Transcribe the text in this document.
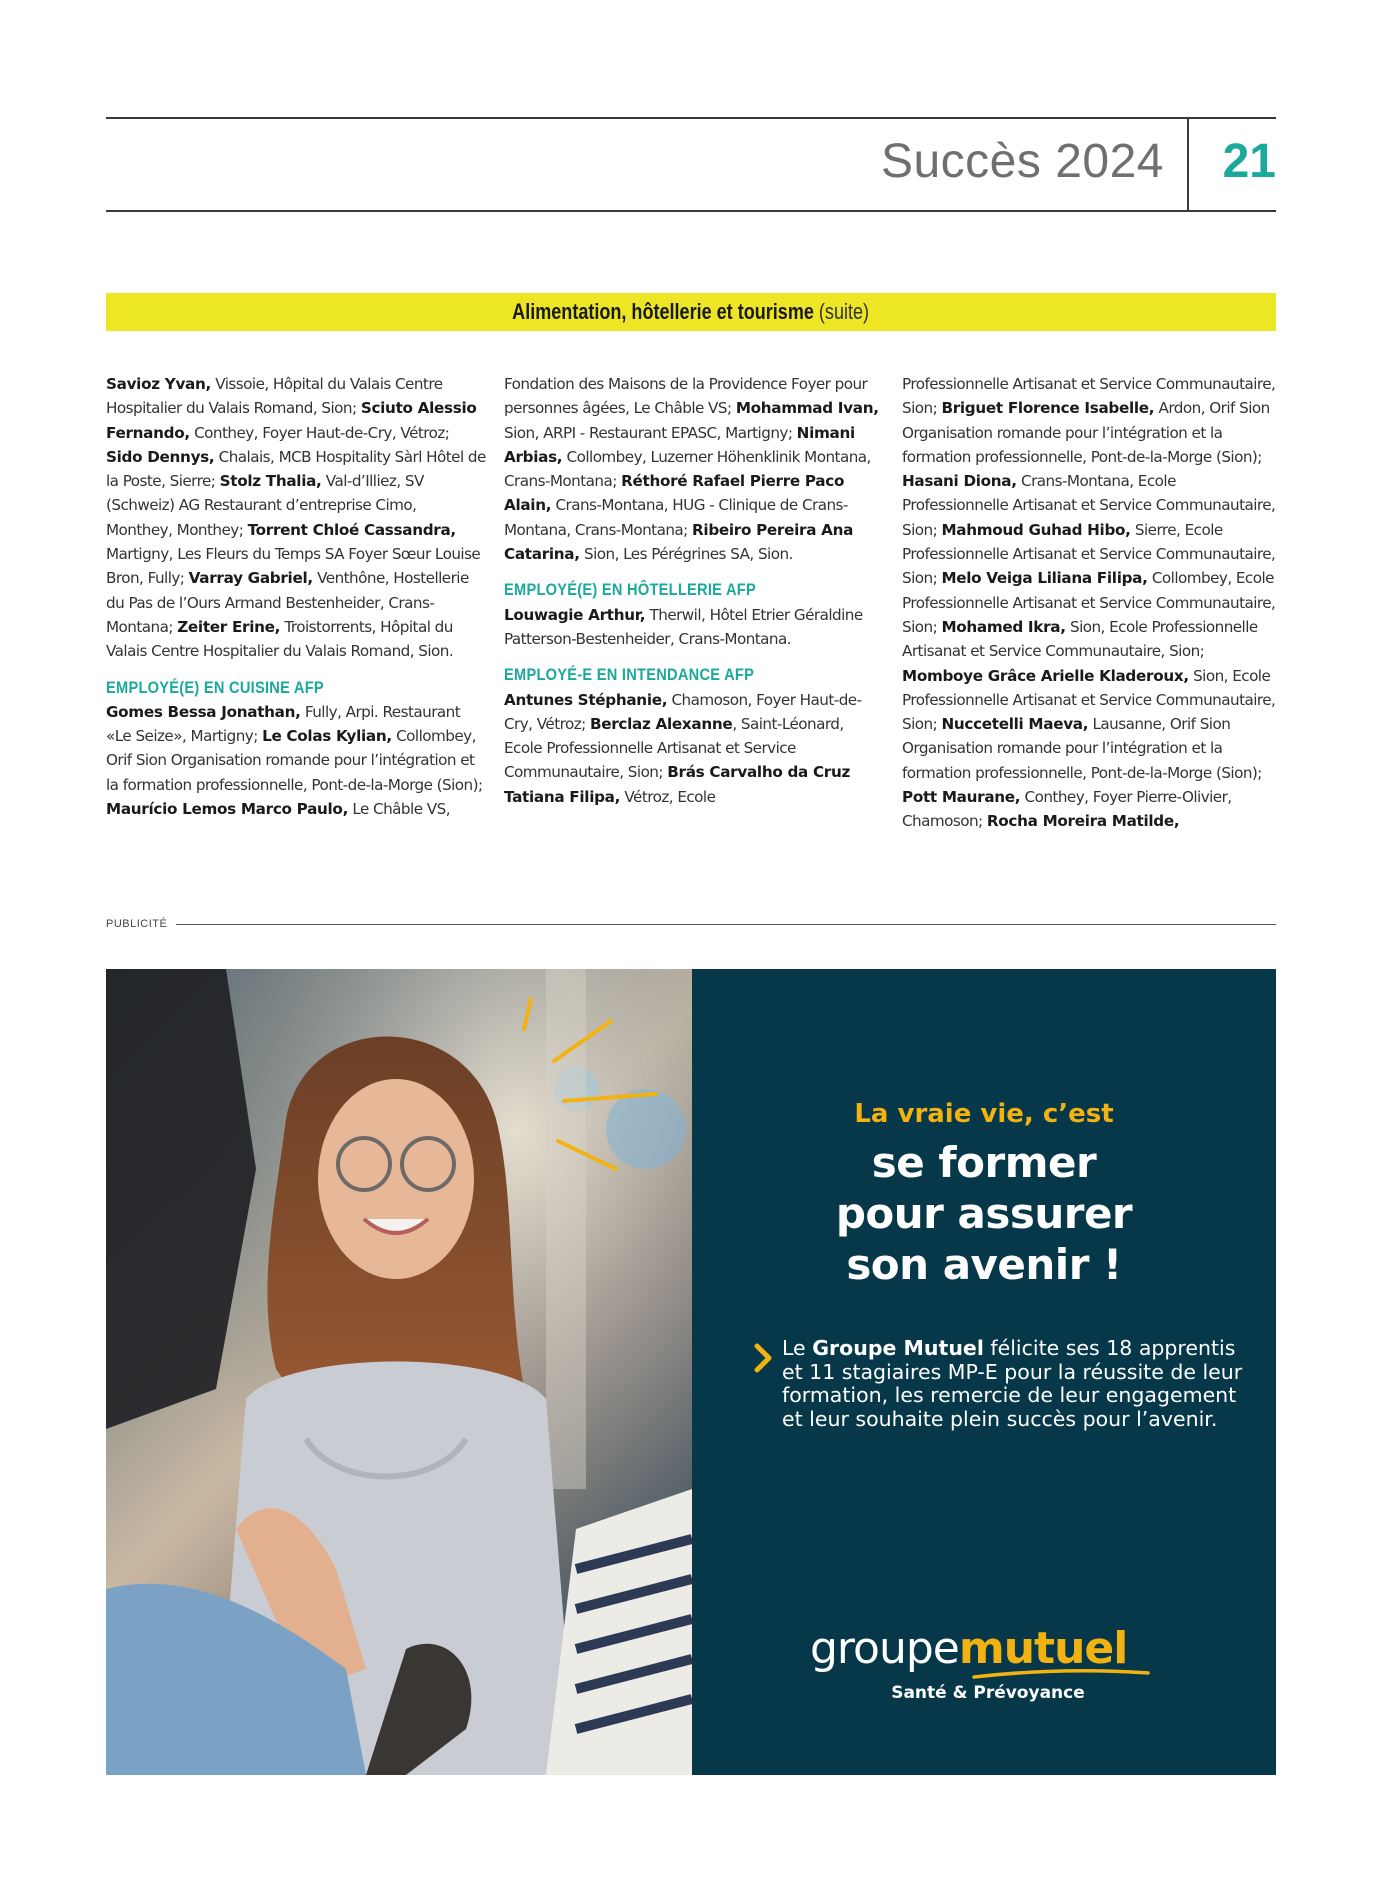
Succès 2024 21
Alimentation, hôtellerie et tourisme (suite)
Savioz Yvan, Vissoie, Hôpital du Valais Centre Hospitalier du Valais Romand, Sion; Sciuto Alessio Fernando, Conthey, Foyer Haut-de-Cry, Vétroz; Sido Dennys, Chalais, MCB Hospitality Sàrl Hôtel de la Poste, Sierre; Stolz Thalia, Val-d’Illiez, SV (Schweiz) AG Restaurant d’entreprise Cimo, Monthey, Monthey; Torrent Chloé Cassandra, Martigny, Les Fleurs du Temps SA Foyer Sœur Louise Bron, Fully; Varray Gabriel, Venthône, Hostellerie du Pas de l’Ours Armand Bestenheider, Crans-Montana; Zeiter Erine, Troistorrents, Hôpital du Valais Centre Hospitalier du Valais Romand, Sion.
EMPLOYÉ(E) EN CUISINE AFP
Gomes Bessa Jonathan, Fully, Arpi. Restaurant «Le Seize», Martigny; Le Colas Kylian, Collombey, Orif Sion Organisation romande pour l’intégration et la formation professionnelle, Pont-de-la-Morge (Sion); Maurício Lemos Marco Paulo, Le Châble VS,
Fondation des Maisons de la Providence Foyer pour personnes âgées, Le Châble VS; Mohammad Ivan, Sion, ARPI - Restaurant EPASC, Martigny; Nimani Arbias, Collombey, Luzerner Höhenklinik Montana, Crans-Montana; Réthoré Rafael Pierre Paco Alain, Crans-Montana, HUG - Clinique de Crans-Montana, Crans-Montana; Ribeiro Pereira Ana Catarina, Sion, Les Pérégrines SA, Sion.
EMPLOYÉ(E) EN HÔTELLERIE AFP
Louwagie Arthur, Therwil, Hôtel Etrier Géraldine Patterson-Bestenheider, Crans-Montana.
EMPLOYÉ-E EN INTENDANCE AFP
Antunes Stéphanie, Chamoson, Foyer Haut-de-Cry, Vétroz; Berclaz Alexanne, Saint-Léonard, Ecole Professionnelle Artisanat et Service Communautaire, Sion; Brás Carvalho da Cruz Tatiana Filipa, Vétroz, Ecole
Professionnelle Artisanat et Service Communautaire, Sion; Briguet Florence Isabelle, Ardon, Orif Sion Organisation romande pour l’intégration et la formation professionnelle, Pont-de-la-Morge (Sion); Hasani Diona, Crans-Montana, Ecole Professionnelle Artisanat et Service Communautaire, Sion; Mahmoud Guhad Hibo, Sierre, Ecole Professionnelle Artisanat et Service Communautaire, Sion; Melo Veiga Liliana Filipa, Collombey, Ecole Professionnelle Artisanat et Service Communautaire, Sion; Mohamed Ikra, Sion, Ecole Professionnelle Artisanat et Service Communautaire, Sion; Momboye Grâce Arielle Kladeroux, Sion, Ecole Professionnelle Artisanat et Service Communautaire, Sion; Nuccetelli Maeva, Lausanne, Orif Sion Organisation romande pour l’intégration et la formation professionnelle, Pont-de-la-Morge (Sion); Pott Maurane, Conthey, Foyer Pierre-Olivier, Chamoson; Rocha Moreira Matilde,
PUBLICITÉ
La vraie vie, c’est
se former
pour assurer
son avenir !
Le Groupe Mutuel félicite ses 18 apprentis et 11 stagiaires MP-E pour la réussite de leur formation, les remercie de leur engagement et leur souhaite plein succès pour l’avenir.
groupemutuel
Santé & Prévoyance
